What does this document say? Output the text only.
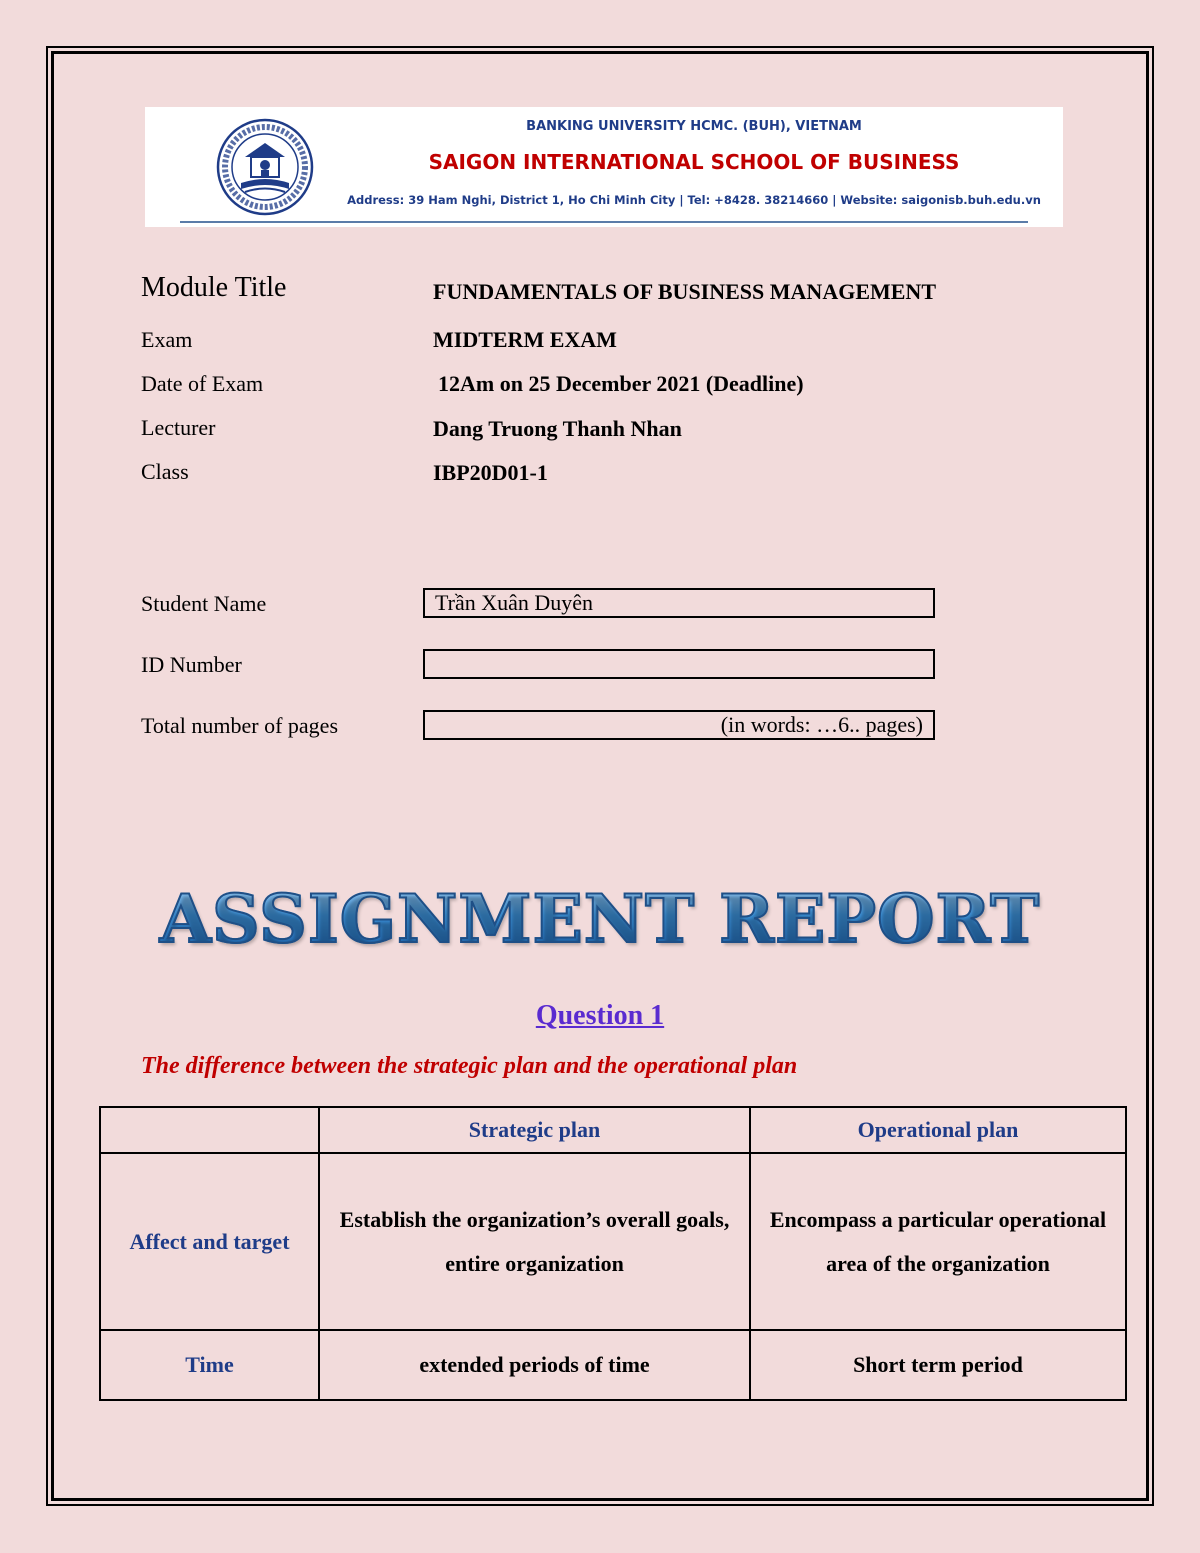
BANKING UNIVERSITY HCMC. (BUH), VIETNAM
SAIGON INTERNATIONAL SCHOOL OF BUSINESS
Address: 39 Ham Nghi, District 1, Ho Chi Minh City | Tel: +8428. 38214660 | Website: saigonisb.buh.edu.vn
Module Title	FUNDAMENTALS OF BUSINESS MANAGEMENT
Exam	MIDTERM EXAM
Date of Exam	12Am on 25 December 2021 (Deadline)
Lecturer	Dang Truong Thanh Nhan
Class	IBP20D01-1
Student Name	Trần Xuân Duyên
ID Number
Total number of pages	(in words: …6.. pages)
ASSIGNMENT REPORT
Question 1
The difference between the strategic plan and the operational plan
	Strategic plan	Operational plan
Affect and target	Establish the organization’s overall goals, entire organization	Encompass a particular operational area of the organization
Time	extended periods of time	Short term period
